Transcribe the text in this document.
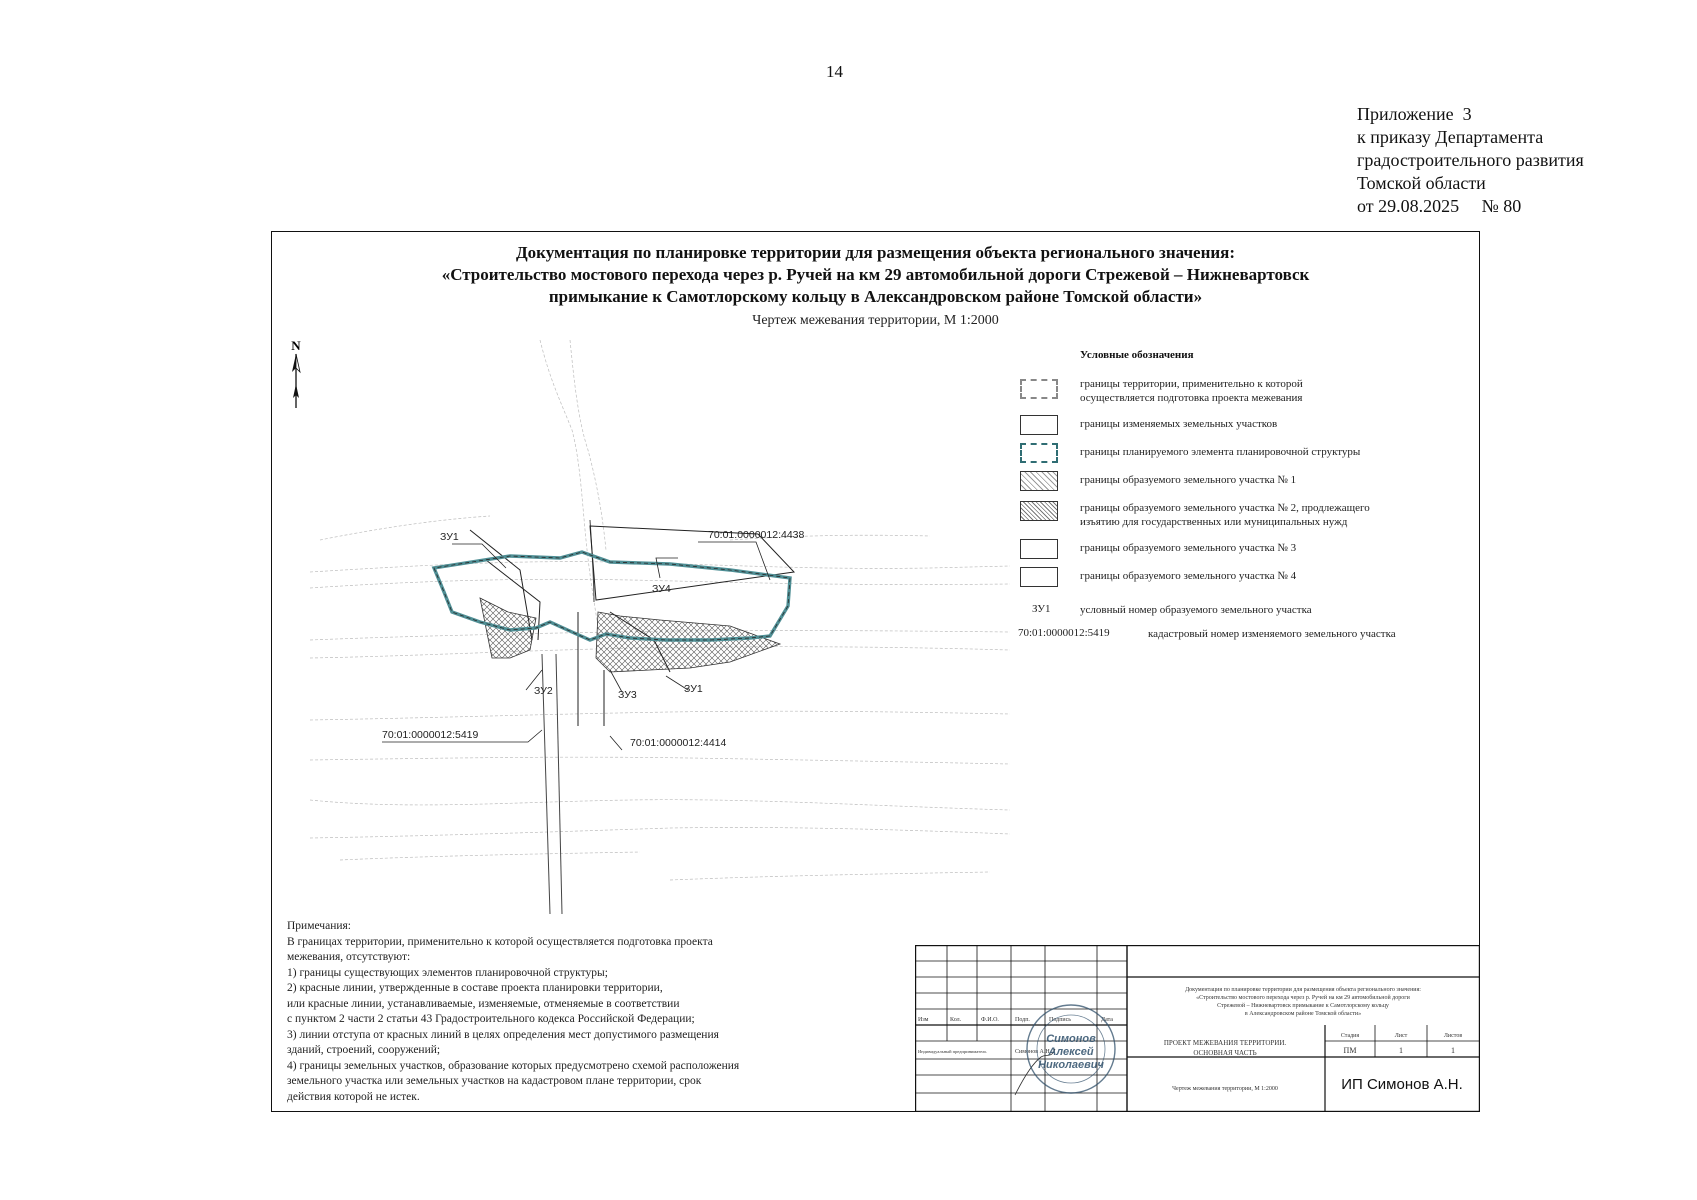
14
Приложение  3
к приказу Департамента
градостроительного развития
Томской области
от 29.08.2025     № 80
Документация по планировке территории для размещения объекта регионального значения:
«Строительство мостового перехода через р. Ручей на км 29 автомобильной дороги Стрежевой – Нижневартовск
примыкание к Самотлорскому кольцу в Александровском районе Томской области»
Чертеж межевания территории, М 1:2000
N
ЗУ1	70:01:0000012:4438
ЗУ4
ЗУ2	ЗУ3	ЗУ1
70:01:0000012:5419
70:01:0000012:4414
Условные обозначения
границы территории, применительно к которой
осуществляется подготовка проекта межевания
границы изменяемых земельных участков
границы планируемого элемента планировочной структуры
границы образуемого земельного участка № 1
границы образуемого земельного участка № 2, продлежащего
изъятию для государственных или муниципальных нужд
границы образуемого земельного участка № 3
границы образуемого земельного участка № 4
ЗУ1	условный номер образуемого земельного участка
70:01:0000012:5419	кадастровый номер изменяемого земельного участка
Примечания:
В границах территории, применительно к которой осуществляется подготовка проекта
межевания, отсутствуют:
1) границы существующих элементов планировочной структуры;
2) красные линии, утвержденные в составе проекта планировки территории,
или красные линии, устанавливаемые, изменяемые, отменяемые в соответствии
с пунктом 2 части 2 статьи 43 Градостроительного кодекса Российской Федерации;
3) линии отступа от красных линий в целях определения мест допустимого размещения
зданий, строений, сооружений;
4) границы земельных участков, образование которых предусмотрено схемой расположения
земельного участка или земельных участков на кадастровом плане территории, срок
действия которой не истек.
Изм	Кол.	Ф.И.О.	Подп.	Подпись	Дата
Индивидуальный предприниматель	Симонов А.Н.
Симонов
Алексей
Николаевич
Документация по планировке территории для размещения объекта регионального значения:
«Строительство мостового перехода через р. Ручей на км 29 автомобильной дороги
Стрежевой – Нижневартовск примыкание к Самотлорскому кольцу
в Александровском районе Томской области»
ПРОЕКТ МЕЖЕВАНИЯ ТЕРРИТОРИИ.
ОСНОВНАЯ ЧАСТЬ
Стадия	Лист	Листов
ПМ	1	1
Чертеж межевания территории, М 1:2000	ИП Симонов А.Н.
